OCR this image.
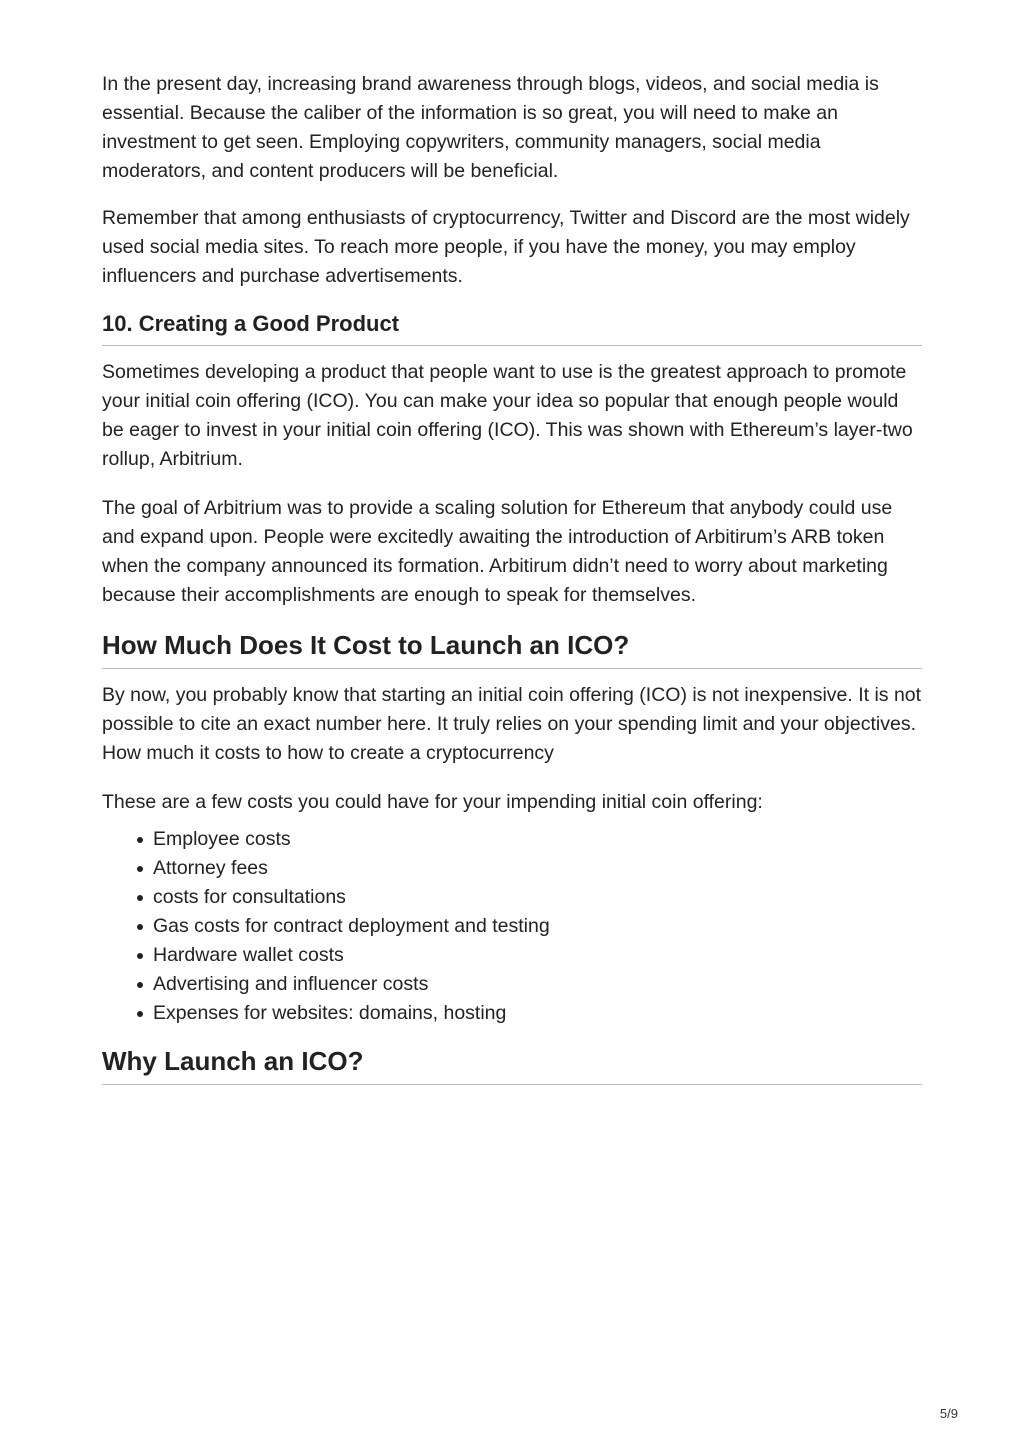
In the present day, increasing brand awareness through blogs, videos, and social media is essential. Because the caliber of the information is so great, you will need to make an investment to get seen. Employing copywriters, community managers, social media moderators, and content producers will be beneficial.

Remember that among enthusiasts of cryptocurrency, Twitter and Discord are the most widely used social media sites. To reach more people, if you have the money, you may employ influencers and purchase advertisements.

10. Creating a Good Product

Sometimes developing a product that people want to use is the greatest approach to promote your initial coin offering (ICO). You can make your idea so popular that enough people would be eager to invest in your initial coin offering (ICO). This was shown with Ethereum’s layer-two rollup, Arbitrium.

The goal of Arbitrium was to provide a scaling solution for Ethereum that anybody could use and expand upon. People were excitedly awaiting the introduction of Arbitirum’s ARB token when the company announced its formation. Arbitirum didn’t need to worry about marketing because their accomplishments are enough to speak for themselves.

How Much Does It Cost to Launch an ICO?

By now, you probably know that starting an initial coin offering (ICO) is not inexpensive. It is not possible to cite an exact number here. It truly relies on your spending limit and your objectives. How much it costs to how to create a cryptocurrency

These are a few costs you could have for your impending initial coin offering:

Employee costs
Attorney fees
costs for consultations
Gas costs for contract deployment and testing
Hardware wallet costs
Advertising and influencer costs
Expenses for websites: domains, hosting
Why Launch an ICO?
5/9
